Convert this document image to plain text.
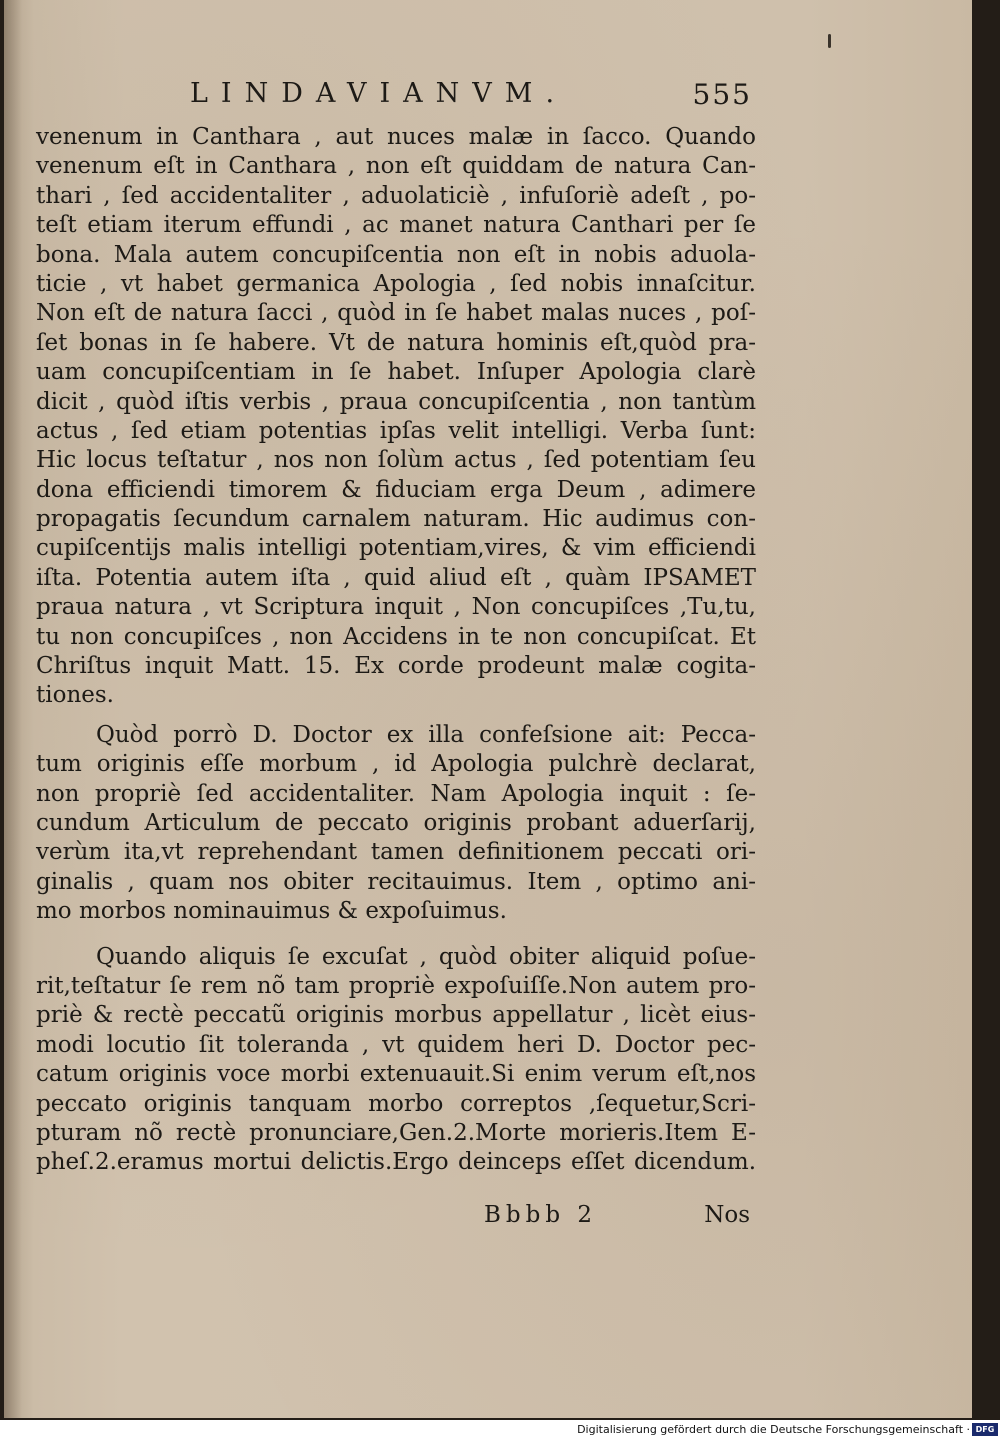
LINDAVIANVM.	555
venenum in Canthara , aut nuces malæ in ſacco. Quando
venenum eſt in Canthara , non eſt quiddam de natura Can-
thari , ſed accidentaliter , aduolaticiè , infuſoriè adeſt , po-
teſt etiam iterum effundi , ac manet natura Canthari per ſe
bona. Mala autem concupiſcentia non eſt in nobis aduola-
ticie , vt habet germanica Apologia , ſed nobis innaſcitur.
Non eſt de natura ſacci , quòd in ſe habet malas nuces , poſ-
ſet bonas in ſe habere. Vt de natura hominis eſt,quòd pra-
uam concupiſcentiam in ſe habet. Inſuper Apologia clarè
dicit , quòd iſtis verbis , praua concupiſcentia , non tantùm
actus , ſed etiam potentias ipſas velit intelligi. Verba ſunt:
Hic locus teſtatur , nos non ſolùm actus , ſed potentiam ſeu
dona efficiendi timorem & fiduciam erga Deum , adimere
propagatis ſecundum carnalem naturam. Hic audimus con-
cupiſcentijs malis intelligi potentiam,vires, & vim efficiendi
iſta. Potentia autem iſta , quid aliud eſt , quàm IPSAMET
praua natura , vt Scriptura inquit , Non concupiſces ,Tu,tu,
tu non concupiſces , non Accidens in te non concupiſcat. Et
Chriſtus inquit Matt. 15. Ex corde prodeunt malæ cogita-
tiones.
Quòd porrò D. Doctor ex illa confeſsione ait: Pecca-
tum originis eſſe morbum , id Apologia pulchrè declarat,
non propriè ſed accidentaliter. Nam Apologia inquit : ſe-
cundum Articulum de peccato originis probant aduerſarij,
verùm ita,vt reprehendant tamen definitionem peccati ori-
ginalis , quam nos obiter recitauimus. Item , optimo ani-
mo morbos nominauimus & expoſuimus.
Quando aliquis ſe excuſat , quòd obiter aliquid poſue-
rit,teſtatur ſe rem nõ tam propriè expoſuiſſe.Non autem pro-
priè & rectè peccatũ originis morbus appellatur , licèt eius-
modi locutio ſit toleranda , vt quidem heri D. Doctor pec-
catum originis voce morbi extenuauit.Si enim verum eſt,nos
peccato originis tanquam morbo correptos ,ſequetur,Scri-
pturam nõ rectè pronunciare,Gen.2.Morte morieris.Item E-
pheſ.2.eramus mortui delictis.Ergo deinceps eſſet dicendum.
Bbbb 2	Nos
Digitalisierung gefördert durch die Deutsche Forschungsgemeinschaft · DFG
